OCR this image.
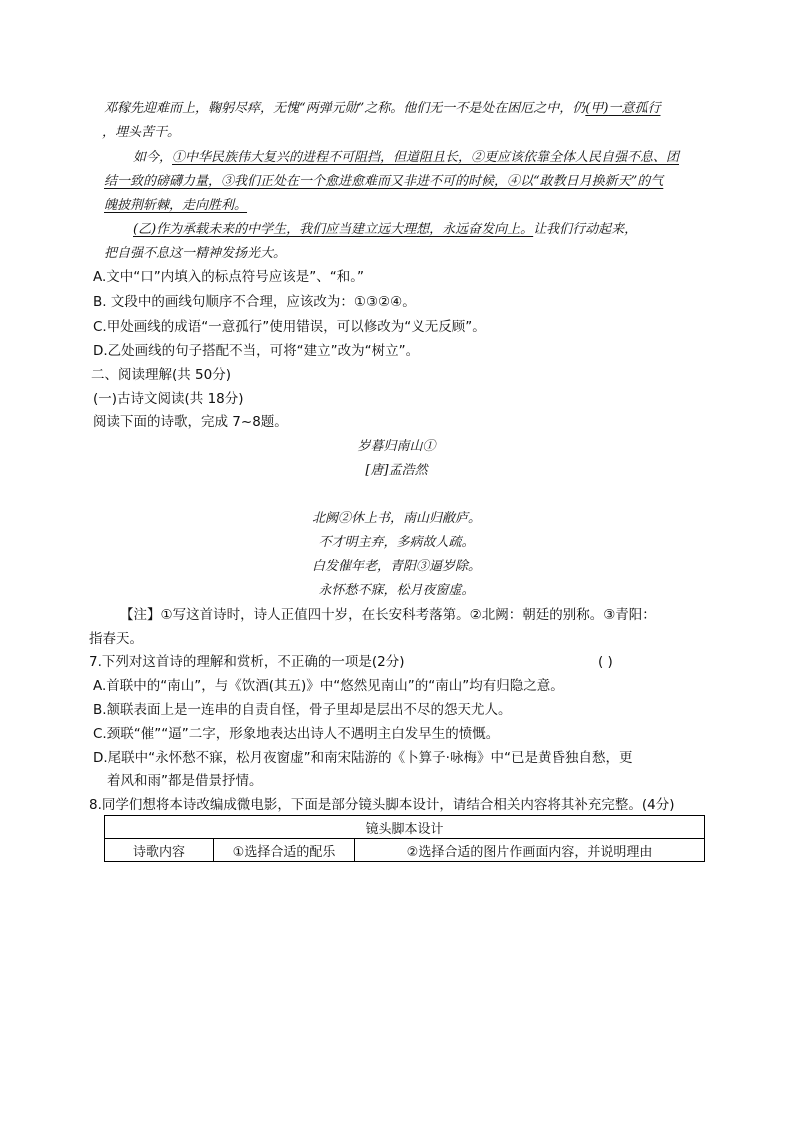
邓稼先迎难而上，鞠躬尽瘁，无愧“两弹元勋”之称。他们无一不是处在困厄之中，仍(甲)一意孤行
，埋头苦干。
如今，①中华民族伟大复兴的进程不可阻挡，但道阻且长，②更应该依靠全体人民自强不息、团
结一致的磅礴力量，③我们正处在一个愈进愈难而又非进不可的时候，④以“敢教日月换新天”的气
魄披荆斩棘，走向胜利。
(乙)作为承载未来的中学生，我们应当建立远大理想，永远奋发向上。让我们行动起来，
把自强不息这一精神发扬光大。
A.文中“口”内填入的标点符号应该是”、“和。”
B. 文段中的画线句顺序不合理，应该改为：①③②④。
C.甲处画线的成语“一意孤行”使用错误，可以修改为“义无反顾”。
D.乙处画线的句子搭配不当，可将“建立”改为“树立”。
二、阅读理解(共 50分)
(一)古诗文阅读(共 18分)
阅读下面的诗歌，完成 7~8题。
岁暮归南山①
[唐]孟浩然
北阙②休上书，南山归敝庐。
不才明主弃，多病故人疏。
白发催年老，青阳③逼岁除。
永怀愁不寐，松月夜窗虚。
【注】①写这首诗时，诗人正值四十岁，在长安科考落第。②北阙：朝廷的别称。③青阳：
指春天。
7.下列对这首诗的理解和赏析，不正确的一项是(2分)	( )
A.首联中的“南山”，与《饮酒(其五)》中“悠然见南山”的“南山”均有归隐之意。
B.颔联表面上是一连串的自责自怪，骨子里却是层出不尽的怨天尤人。
C.颈联“催”“逼”二字，形象地表达出诗人不遇明主白发早生的愤慨。
D.尾联中“永怀愁不寐，松月夜窗虚”和南宋陆游的《卜算子·咏梅》中“已是黄昏独自愁，更
着风和雨”都是借景抒情。
8.同学们想将本诗改编成微电影，下面是部分镜头脚本设计，请结合相关内容将其补充完整。(4分)
镜头脚本设计
诗歌内容	①选择合适的配乐	②选择合适的图片作画面内容，并说明理由
